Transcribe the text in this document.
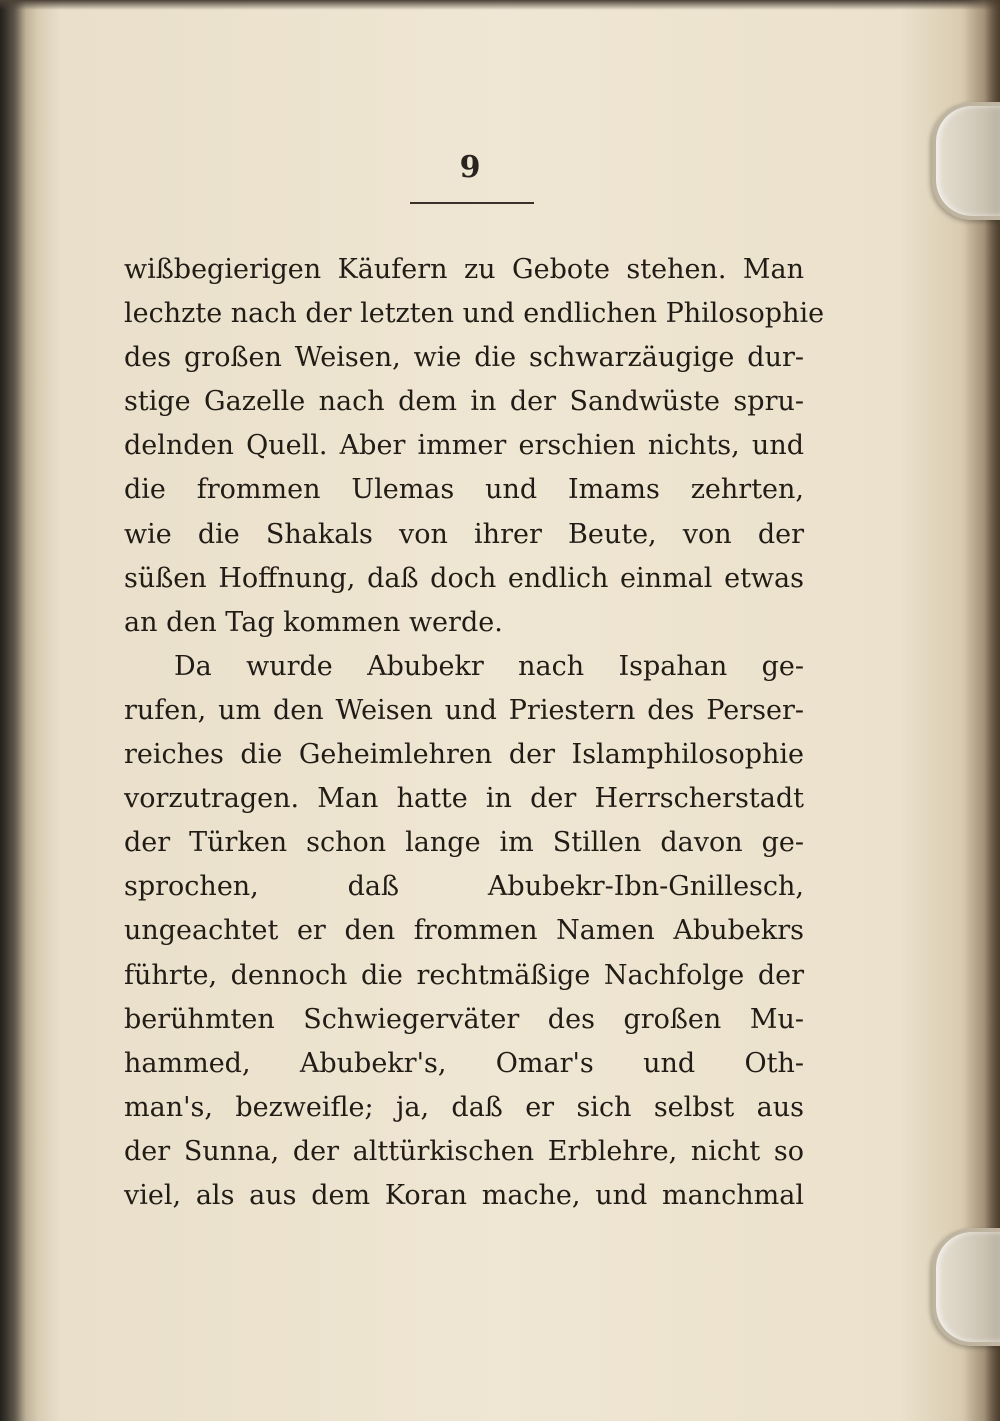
9
wißbegierigen Käufern zu Gebote stehen. Man
lechzte nach der letzten und endlichen Philosophie
des großen Weisen, wie die schwarzäugige dur-
stige Gazelle nach dem in der Sandwüste spru-
delnden Quell. Aber immer erschien nichts, und
die frommen Ulemas und Imams zehrten,
wie die Shakals von ihrer Beute, von der
süßen Hoffnung, daß doch endlich einmal etwas
an den Tag kommen werde.
Da wurde Abubekr nach Ispahan ge-
rufen, um den Weisen und Priestern des Perser-
reiches die Geheimlehren der Islamphilosophie
vorzutragen. Man hatte in der Herrscherstadt
der Türken schon lange im Stillen davon ge-
sprochen, daß Abubekr-Ibn-Gnillesch,
ungeachtet er den frommen Namen Abubekrs
führte, dennoch die rechtmäßige Nachfolge der
berühmten Schwiegerväter des großen Mu-
hammed, Abubekr's, Omar's und Oth-
man's, bezweifle; ja, daß er sich selbst aus
der Sunna, der alttürkischen Erblehre, nicht so
viel, als aus dem Koran mache, und manchmal
